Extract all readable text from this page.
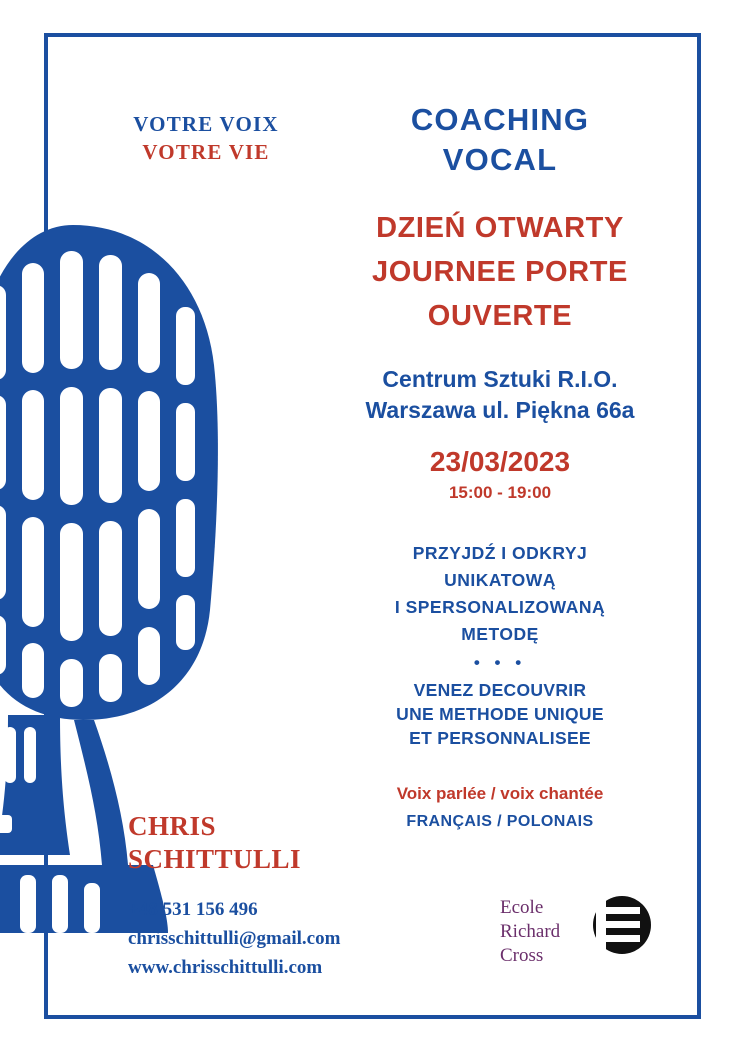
VOTRE VOIX
VOTRE VIE
COACHING
VOCAL
DZIEŃ OTWARTY
JOURNEE PORTE
OUVERTE
Centrum Sztuki R.I.O.
Warszawa ul. Piękna 66a
23/03/2023
15:00 - 19:00
PRZYJDŹ I ODKRYJ
UNIKATOWĄ
I SPERSONALIZOWANĄ
METODĘ
• • •
VENEZ DECOUVRIR
UNE METHODE UNIQUE
ET PERSONNALISEE
Voix parlée / voix chantée
FRANÇAIS / POLONAIS
CHRIS
SCHITTULLI
+48 531 156 496
chrisschittulli@gmail.com
www.chrisschittulli.com
Ecole
Richard
Cross
